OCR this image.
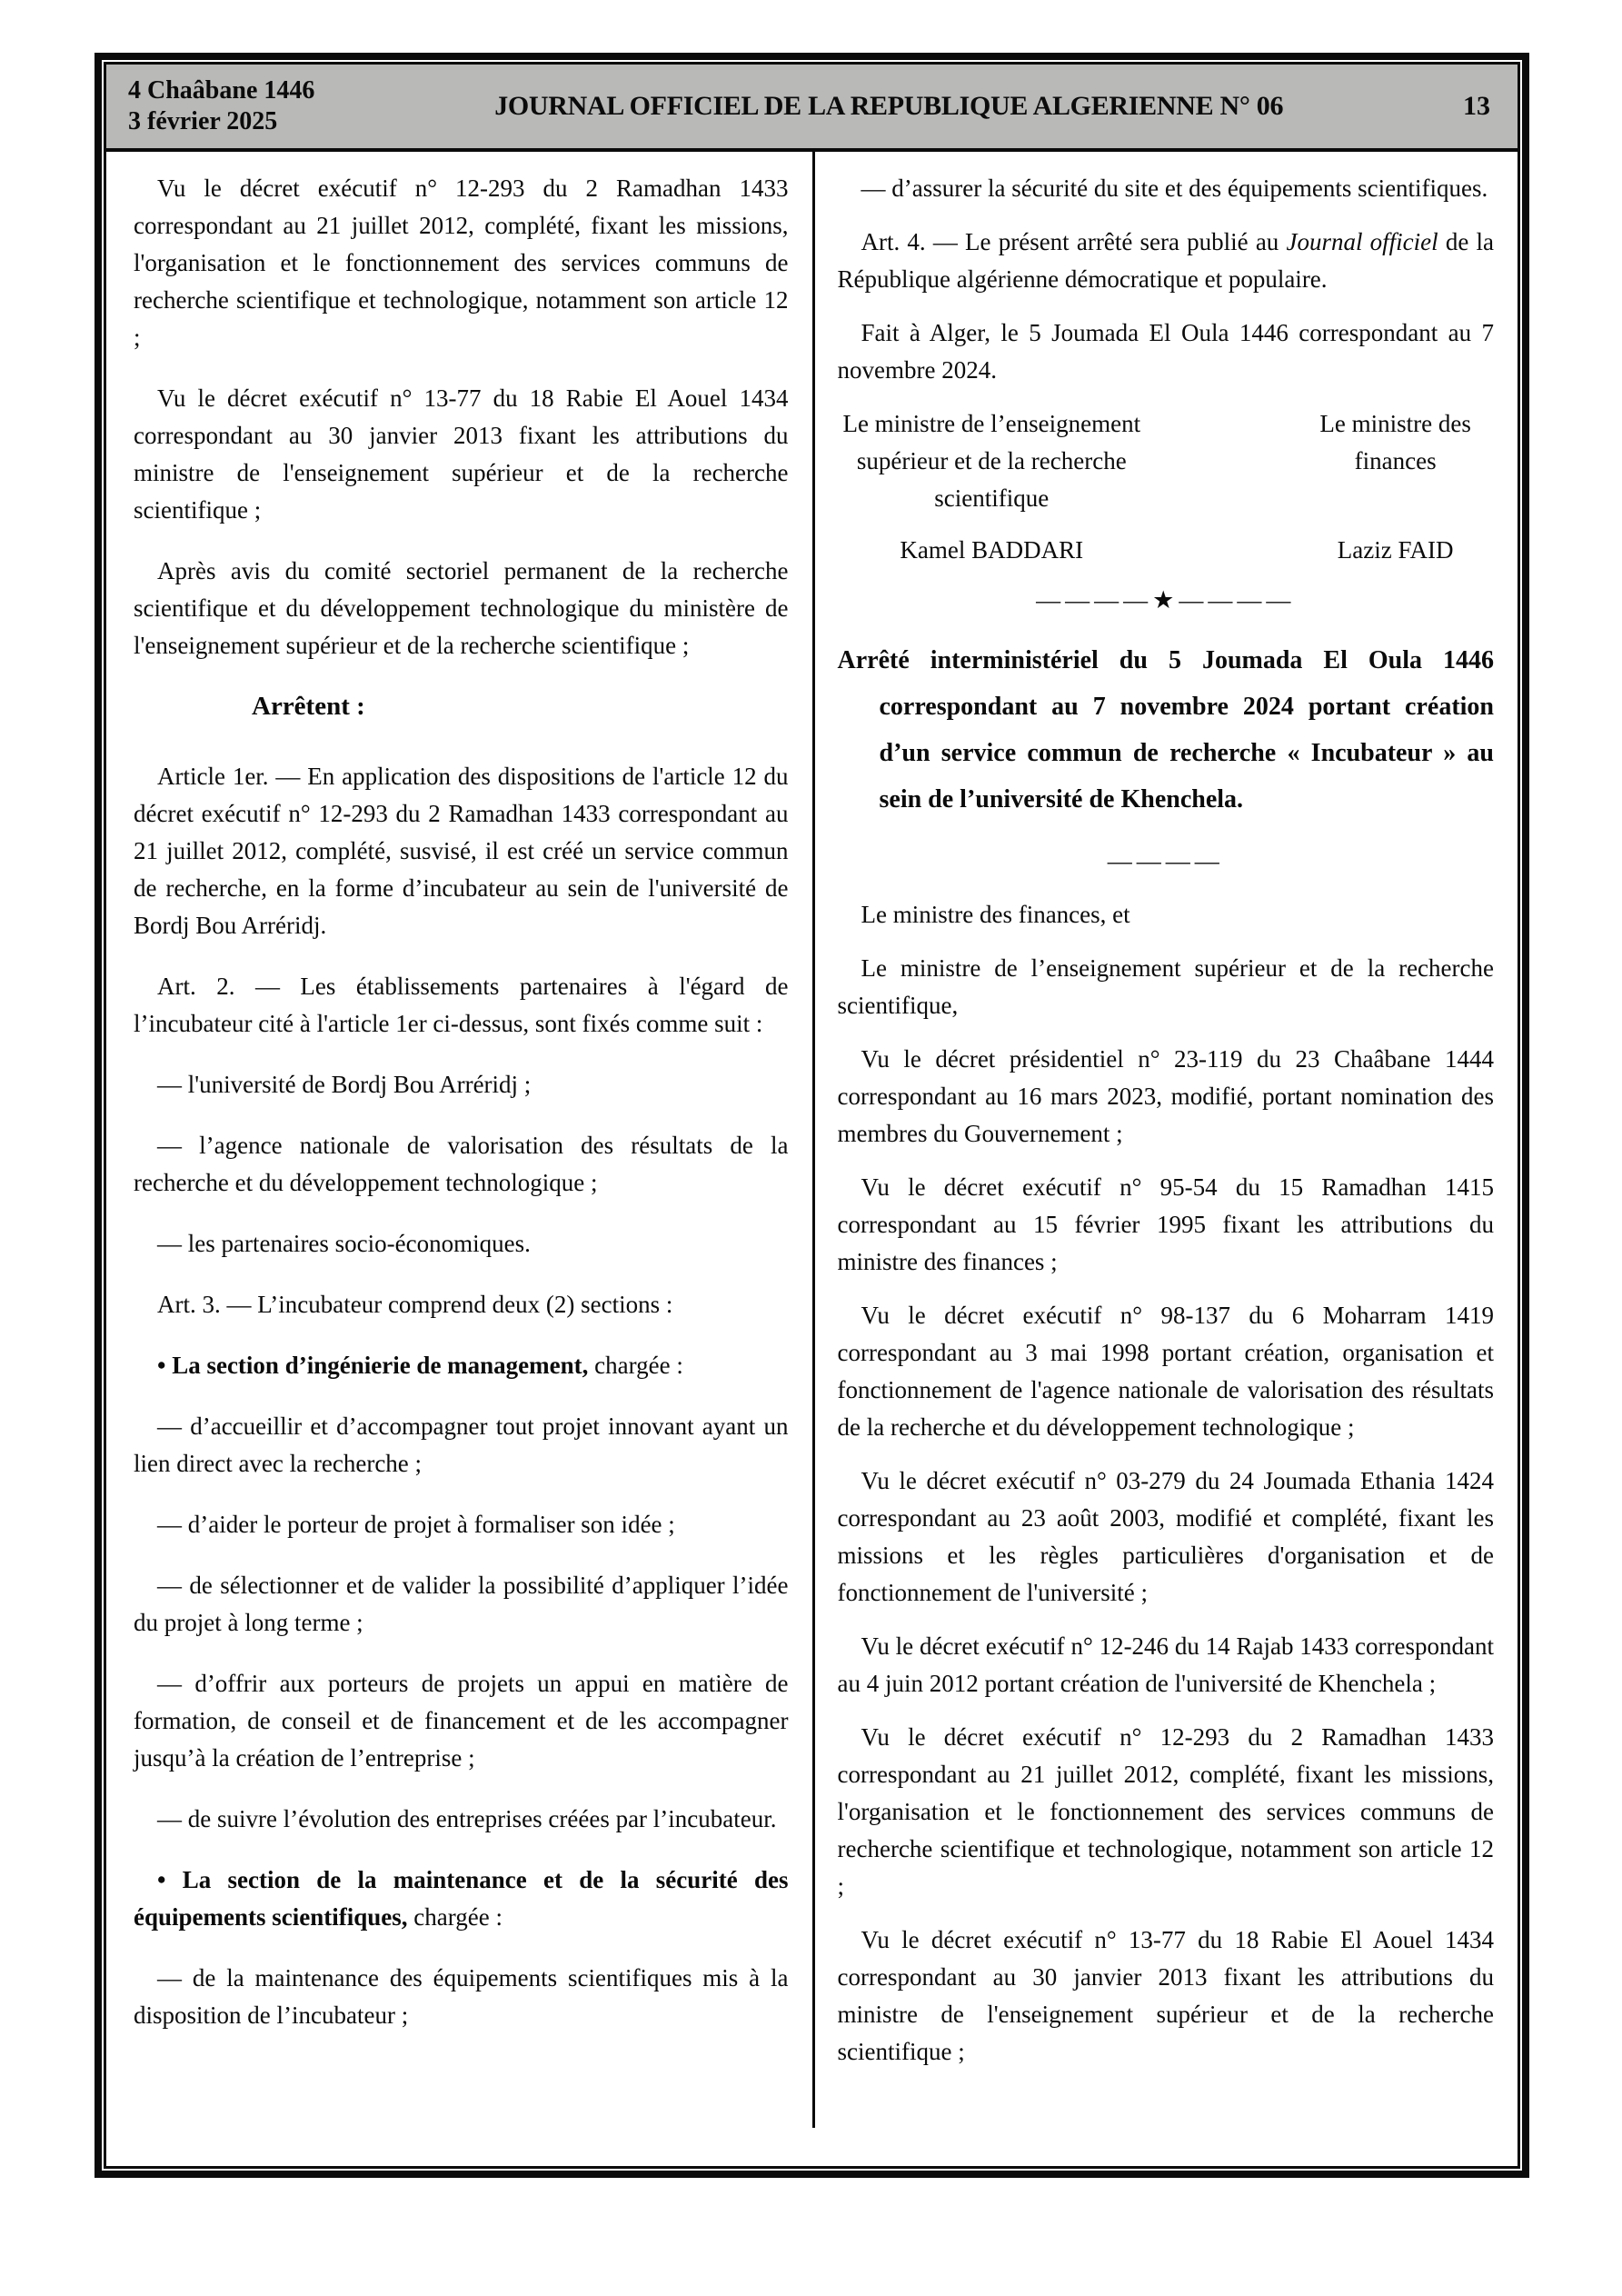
4 Chaâbane 1446
3 février 2025
JOURNAL OFFICIEL DE LA REPUBLIQUE ALGERIENNE N° 06	13

Vu le décret exécutif n° 12-293 du 2 Ramadhan 1433 correspondant au 21 juillet 2012, complété, fixant les missions, l'organisation et le fonctionnement des services communs de recherche scientifique et technologique, notamment son article 12 ;

Vu le décret exécutif n° 13-77 du 18 Rabie El Aouel 1434 correspondant au 30 janvier 2013 fixant les attributions du ministre de l'enseignement supérieur et de la recherche scientifique ;

Après avis du comité sectoriel permanent de la recherche scientifique et du développement technologique du ministère de l'enseignement supérieur et de la recherche scientifique ;

Arrêtent :

Article 1er. — En application des dispositions de l'article 12 du décret exécutif n° 12-293 du 2 Ramadhan 1433 correspondant au 21 juillet 2012, complété, susvisé, il est créé un service commun de recherche, en la forme d’incubateur au sein de l'université de Bordj Bou Arréridj.

Art. 2. — Les établissements partenaires à l'égard de l’incubateur cité à l'article 1er ci-dessus, sont fixés comme suit :

— l'université de Bordj Bou Arréridj ;

— l’agence nationale de valorisation des résultats de la recherche et du développement technologique ;

— les partenaires socio-économiques.

Art. 3. — L’incubateur comprend deux (2) sections :

• La section d’ingénierie de management, chargée :

— d’accueillir et d’accompagner tout projet innovant ayant un lien direct avec la recherche ;

— d’aider le porteur de projet à formaliser son idée ;

— de sélectionner et de valider la possibilité d’appliquer l’idée du projet à long terme ;

— d’offrir aux porteurs de projets un appui en matière de formation, de conseil et de financement et de les accompagner jusqu’à la création de l’entreprise ;

— de suivre l’évolution des entreprises créées par l’incubateur.

• La section de la maintenance et de la sécurité des équipements scientifiques, chargée :

— de la maintenance des équipements scientifiques mis à la disposition de l’incubateur ;

— d’assurer la sécurité du site et des équipements scientifiques.

Art. 4. — Le présent arrêté sera publié au Journal officiel de la République algérienne démocratique et populaire.

Fait à Alger, le 5 Joumada El Oula 1446 correspondant au 7 novembre 2024.

Le ministre de l’enseignement supérieur et de la recherche scientifique
Le ministre des finances
Kamel BADDARI	Laziz FAID
————★————
Arrêté interministériel du 5 Joumada El Oula 1446 correspondant au 7 novembre 2024 portant création d’un service commun de recherche « Incubateur » au sein de l’université de Khenchela.
————

Le ministre des finances, et

Le ministre de l’enseignement supérieur et de la recherche scientifique,

Vu le décret présidentiel n° 23-119 du 23 Chaâbane 1444 correspondant au 16 mars 2023, modifié, portant nomination des membres du Gouvernement ;

Vu le décret exécutif n° 95-54 du 15 Ramadhan 1415 correspondant au 15 février 1995 fixant les attributions du ministre des finances ;

Vu le décret exécutif n° 98-137 du 6 Moharram 1419 correspondant au 3 mai 1998 portant création, organisation et fonctionnement de l'agence nationale de valorisation des résultats de la recherche et du développement technologique ;

Vu le décret exécutif n° 03-279 du 24 Joumada Ethania 1424 correspondant au 23 août 2003, modifié et complété, fixant les missions et les règles particulières d'organisation et de fonctionnement de l'université ;

Vu le décret exécutif n° 12-246 du 14 Rajab 1433 correspondant au 4 juin 2012 portant création de l'université de Khenchela ;

Vu le décret exécutif n° 12-293 du 2 Ramadhan 1433 correspondant au 21 juillet 2012, complété, fixant les missions, l'organisation et le fonctionnement des services communs de recherche scientifique et technologique, notamment son article 12 ;

Vu le décret exécutif n° 13-77 du 18 Rabie El Aouel 1434 correspondant au 30 janvier 2013 fixant les attributions du ministre de l'enseignement supérieur et de la recherche scientifique ;
